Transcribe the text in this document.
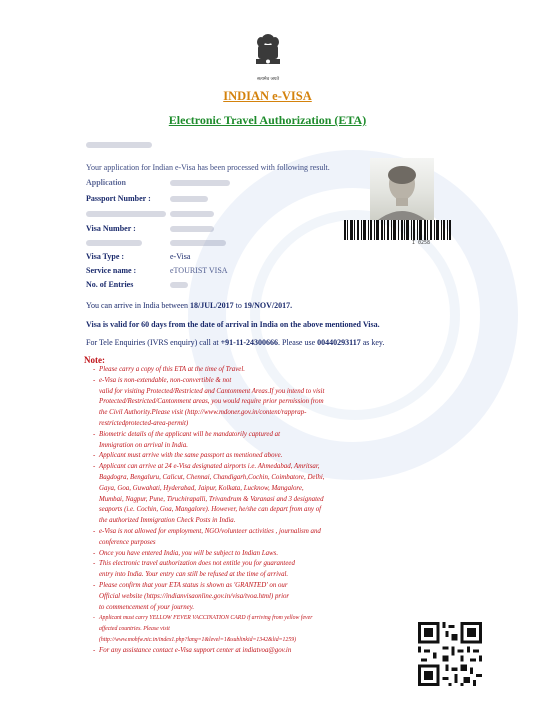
सत्यमेव जयते
INDIAN e-VISA
Electronic Travel Authorization (ETA)
Your application for Indian e-Visa has been processed with following result.
Application
Passport Number :
Visa Number :
Visa Type :	e-Visa
Service name :	eTOURIST VISA
No. of Entries
I 0258
You can arrive in India between 18/JUL/2017 to 19/NOV/2017.
Visa is valid for 60 days from the date of arrival in India on the above mentioned Visa.
For Tele Enquiries (IVRS enquiry) call at +91-11-24300666. Please use 00440293117 as key.
Note:
- Please carry a copy of this ETA at the time of Travel.
- e-Visa is non-extendable, non-convertible & not
valid for visiting Protected/Restricted and Cantonment Areas.If you intend to visit
Protected/Restricted/Cantonment areas, you would require prior permission from
the Civil Authority.Please visit (http://www.mdoner.gov.in/content/rapprap-
restrictedprotected-area-permit)
- Biometric details of the applicant will be mandatorily captured at
Immigration on arrival in India.
- Applicant must arrive with the same passport as mentioned above.
- Applicant can arrive at 24 e-Visa designated airports i.e. Ahmedabad, Amritsar,
Bagdogra, Bengaluru, Calicut, Chennai, Chandigarh,Cochin, Coimbatore, Delhi,
Gaya, Goa, Guwahati, Hyderabad, Jaipur, Kolkata, Lucknow, Mangalore,
Mumbai, Nagpur, Pune, Tiruchirapalli, Trivandrum & Varanasi and 3 designated
seaports (i.e. Cochin, Goa, Mangalore). However, he/she can depart from any of
the authorized Immigration Check Posts in India.
- e-Visa is not allowed for employment, NGO/volunteer activities , journalism and
conference purposes
- Once you have entered India, you will be subject to Indian Laws.
- This electronic travel authorization does not entitle you for guaranteed
entry into India. Your entry can still be refused at the time of arrival.
- Please confirm that your ETA status is shown as 'GRANTED' on our
Official website (https://indianvisaonline.gov.in/visa/tvoa.html) prior
to commencement of your journey.
- Applicant must carry YELLOW FEVER VACCINATION CARD if arriving from yellow fever
affected countries. Please visit
(http://www.mohfw.nic.in/index1.php?lang=1&level=1&sublinkid=1342&lid=1259)
- For any assistance contact e-Visa support center at indiatvoa@gov.in
